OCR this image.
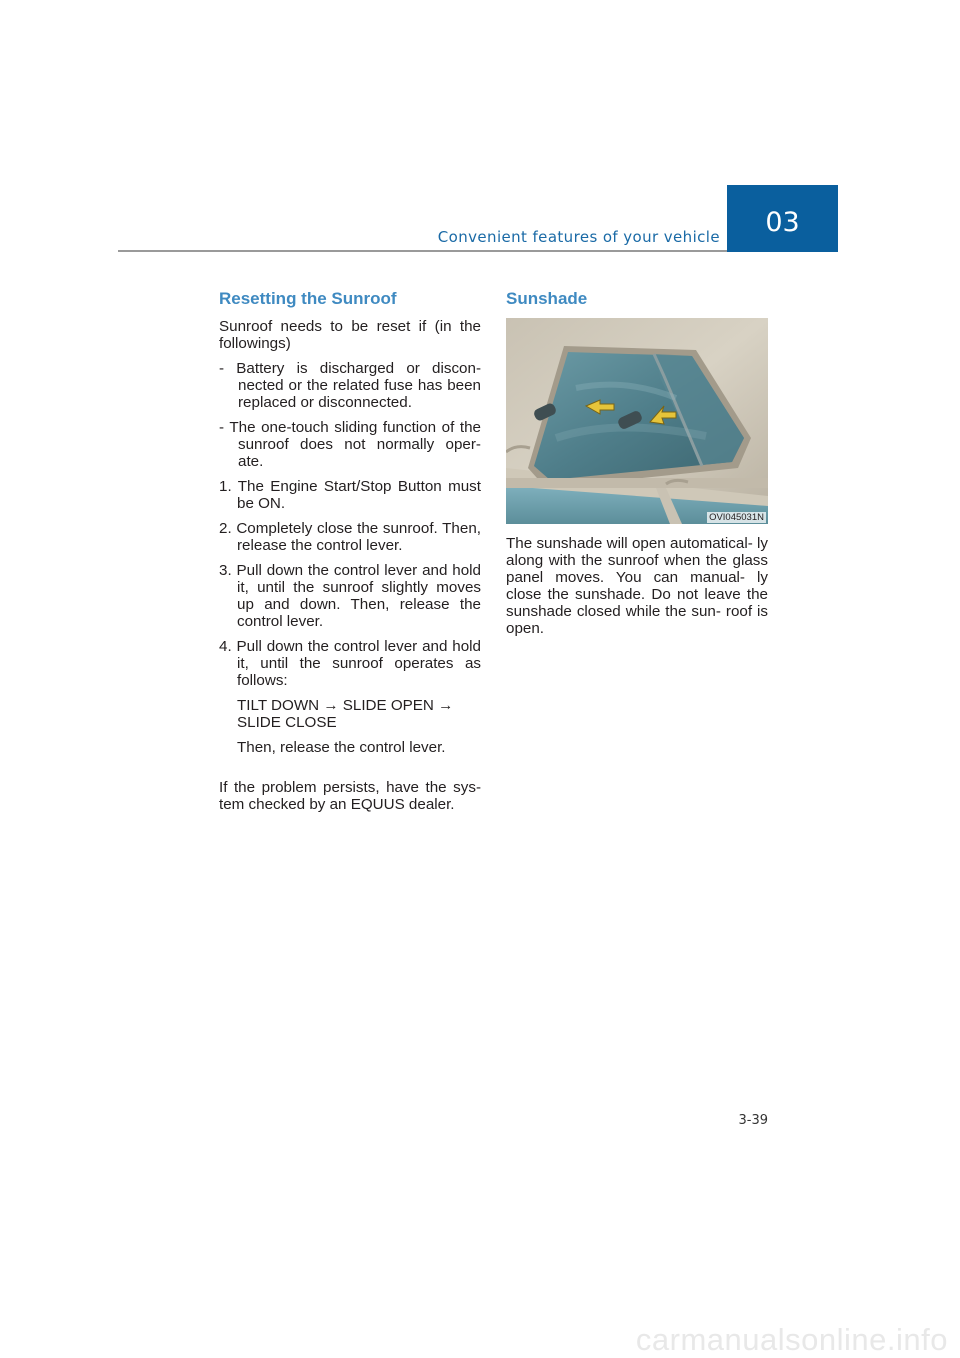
Convenient features of your vehicle	03
Resetting the Sunroof

Sunroof needs to be reset if (in the followings)

- Battery is discharged or discon- nected or the related fuse has been replaced or disconnected.

- The one-touch sliding function of the sunroof does not normally oper- ate.

1. The Engine Start/Stop Button must be ON.

2. Completely close the sunroof. Then, release the control lever.

3. Pull down the control lever and hold it, until the sunroof slightly moves up and down. Then, release the control lever.

4. Pull down the control lever and hold it, until the sunroof operates as follows:

TILT DOWN → SLIDE OPEN → SLIDE CLOSE

Then, release the control lever.

If the problem persists, have the sys- tem checked by an EQUUS dealer.

Sunshade
OVI045031N

The sunshade will open automatical- ly along with the sunroof when the glass panel moves. You can manual- ly close the sunshade. Do not leave the sunshade closed while the sun- roof is open.

3-39
carmanualsonline.info
